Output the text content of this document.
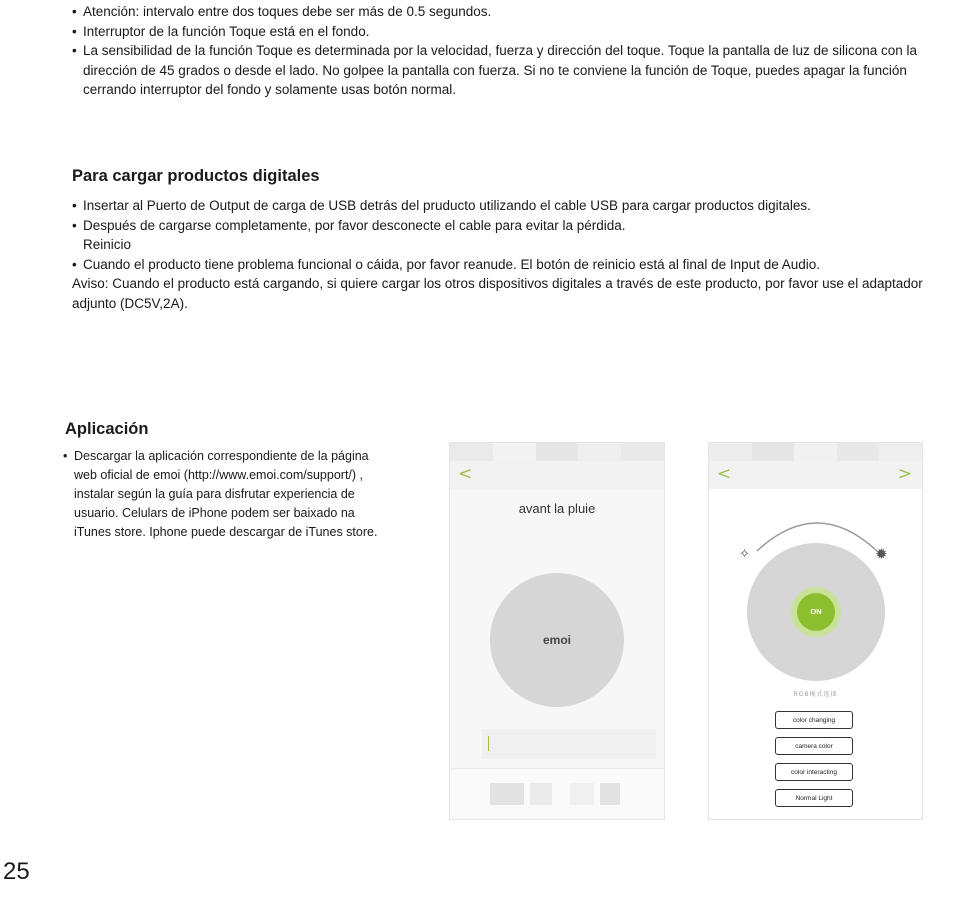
• Atención: intervalo entre dos toques debe ser más de 0.5 segundos.
• Interruptor de la función Toque está en el fondo.
• La sensibilidad de la función Toque es determinada por la velocidad, fuerza y dirección del toque. Toque la pantalla de luz de silicona con la dirección de 45 grados o desde el lado. No golpee la pantalla con fuerza. Si no te conviene la función de Toque, puedes apagar la función cerrando interruptor del fondo y solamente usas botón normal.
Para cargar productos digitales
• Insertar al Puerto de Output de carga de USB detrás del pruducto utilizando el cable USB para cargar productos digitales.
• Después de cargarse completamente, por favor desconecte el cable para evitar la pérdida.
Reinicio
• Cuando el producto tiene problema funcional o cáida, por favor reanude. El botón de reinicio está al final de Input de Audio.
Aviso: Cuando el producto está cargando, si quiere cargar los otros dispositivos digitales a través de este producto, por favor use el adaptador adjunto (DC5V,2A).
Aplicación
• Descargar la aplicación correspondiente de la página web oficial de emoi (http://www.emoi.com/support/) , instalar según la guía para disfrutar experiencia de usuario. Celulars de iPhone podem ser baixado na iTunes store. Iphone puede descargar de iTunes store.
<
avant la pluie
emoi
<	>
✧	✹
ON
RGB模式选择
color changing
camera color
color interacting
Normal Light
25
